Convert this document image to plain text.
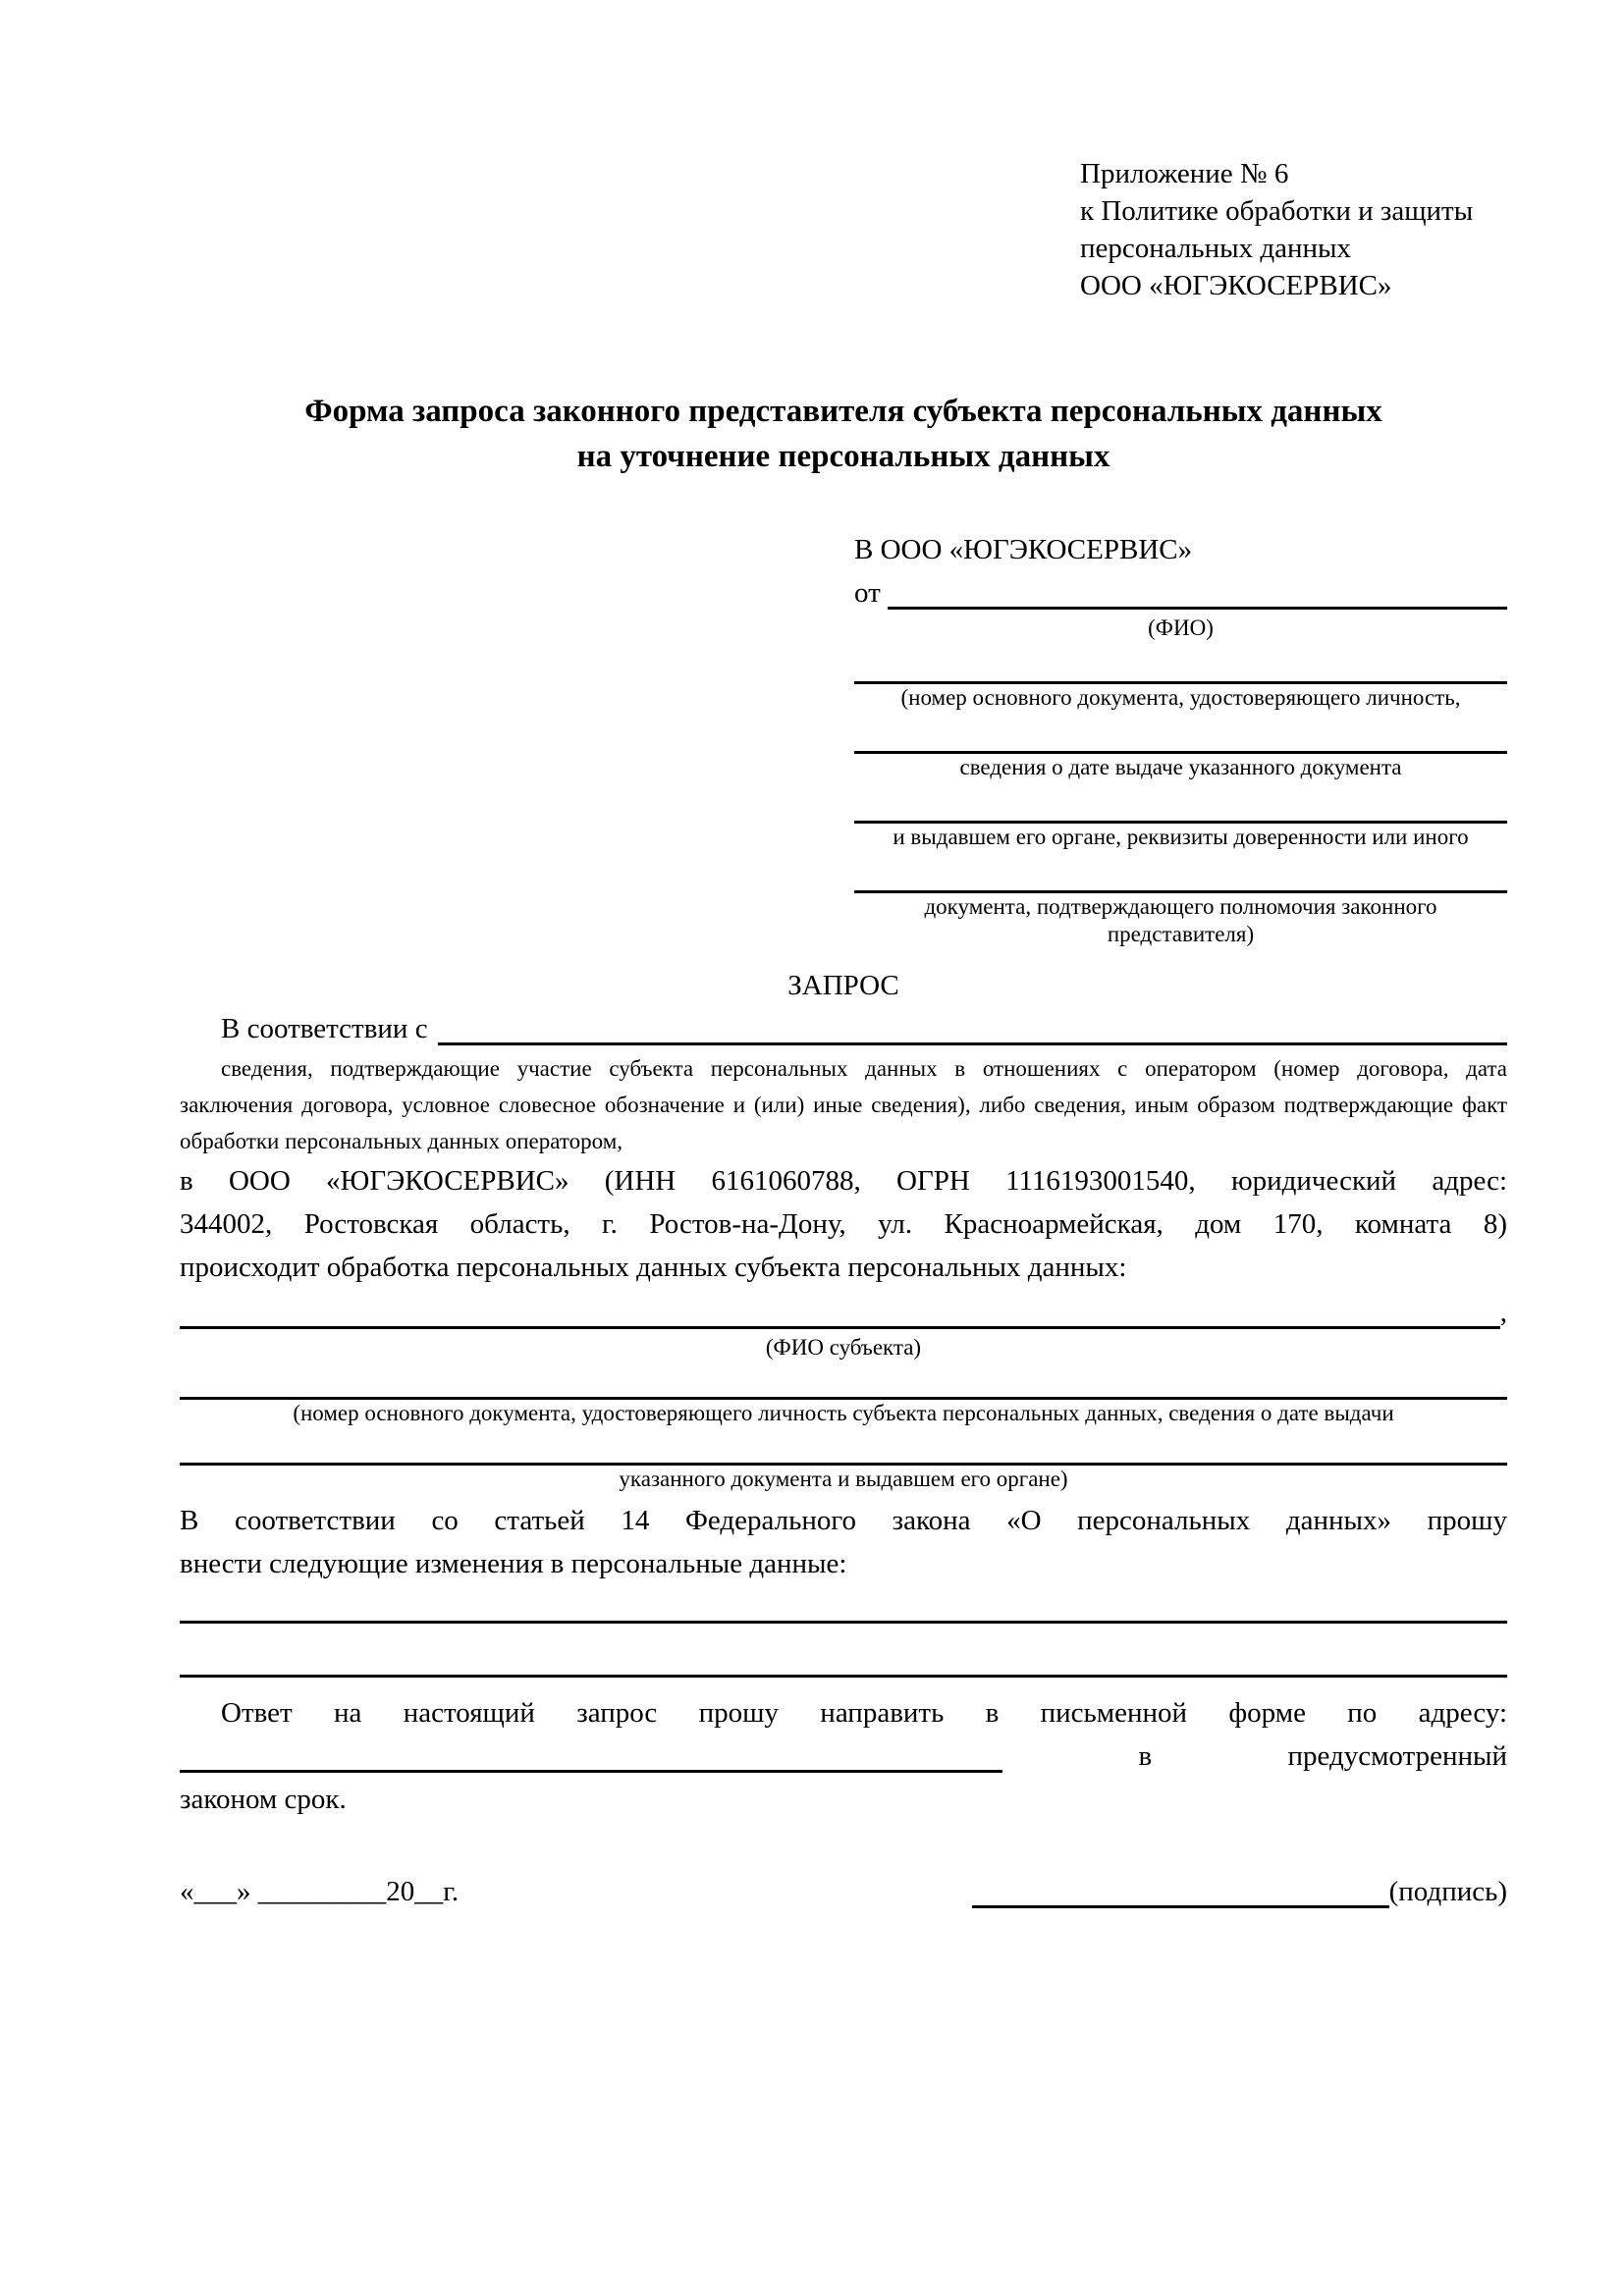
Приложение № 6
к Политике обработки и защиты
персональных данных
ООО «ЮГЭКОСЕРВИС»
Форма запроса законного представителя субъекта персональных данных
на уточнение персональных данных
В ООО «ЮГЭКОСЕРВИС»
от
(ФИО)
(номер основного документа, удостоверяющего личность,
сведения о дате выдаче указанного документа
и выдавшем его органе, реквизиты доверенности или иного
документа, подтверждающего полномочия законного представителя)
ЗАПРОС
В соответствии с
сведения, подтверждающие участие субъекта персональных данных в отношениях с оператором (номер договора, дата
заключения договора, условное словесное обозначение и (или) иные сведения), либо сведения, иным образом подтверждающие факт
обработки персональных данных оператором,
в ООО «ЮГЭКОСЕРВИС» (ИНН 6161060788, ОГРН 1116193001540, юридический адрес:
344002, Ростовская область, г. Ростов-на-Дону, ул. Красноармейская, дом 170, комната 8)
происходит обработка персональных данных субъекта персональных данных:
,
(ФИО субъекта)
(номер основного документа, удостоверяющего личность субъекта персональных данных, сведения о дате выдачи
указанного документа и выдавшем его органе)
В соответствии со статьей 14 Федерального закона «О персональных данных» прошу
внести следующие изменения в персональные данные:
Ответ на настоящий запрос прошу направить в письменной форме по адресу:
в	предусмотренный
законом срок.
«___» _________20__г.	(подпись)
